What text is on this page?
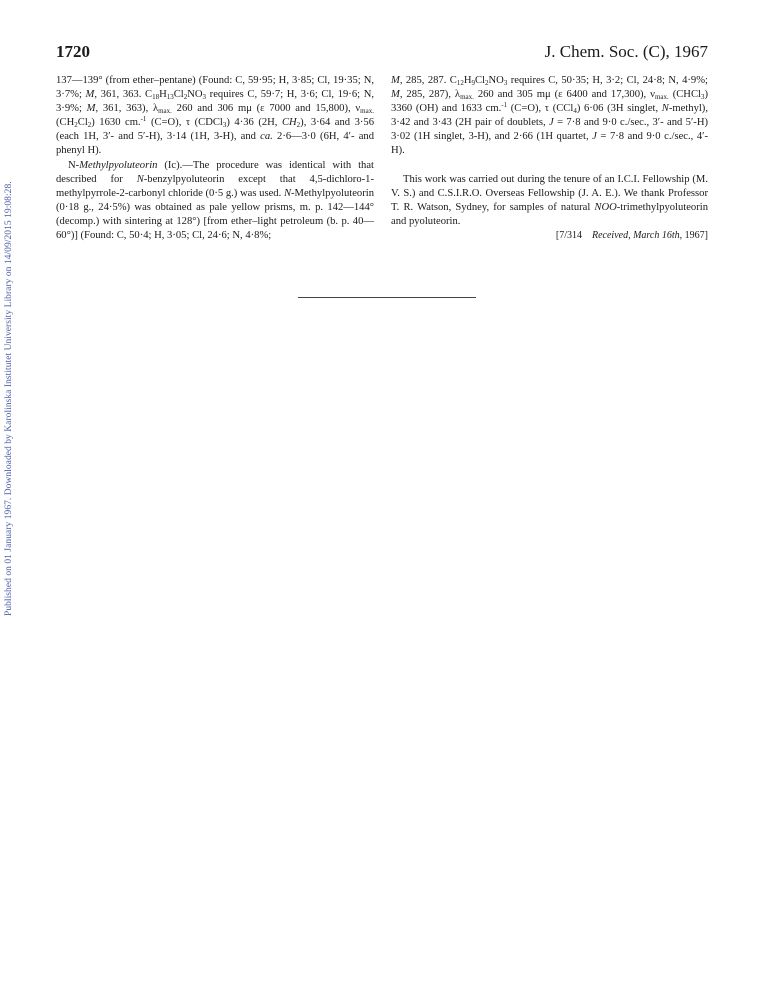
1720	J. Chem. Soc. (C), 1967
Published on 01 January 1967. Downloaded by Karolinska Institutet University Library on 14/09/2015 19:08:28.

137—139° (from ether–pentane) (Found: C, 59·95; H, 3·85; Cl, 19·35; N, 3·7%; M, 361, 363. $C_{18}H_{13}Cl_2NO_3$ requires C, 59·7; H, 3·6; Cl, 19·6; N, 3·9%; M, 361, 363), $\lambda_{max.}$ 260 and 306 mμ (ε 7000 and 15,800), $\nu_{max.}$ $(CH_2Cl_2)$ 1630 cm.$^{-1}$ (C=O), τ (CDCl$_3$) 4·36 (2H, $CH_2$), 3·64 and 3·56 (each 1H, 3′- and 5′-H), 3·14 (1H, 3-H), and ca. 2·6—3·0 (6H, 4′- and phenyl H).

N-Methylpyoluteorin (Ic).—The procedure was identical with that described for N-benzylpyoluteorin except that 4,5-dichloro-1-methylpyrrole-2-carbonyl chloride (0·5 g.) was used. N-Methylpyoluteorin (0·18 g., 24·5%) was obtained as pale yellow prisms, m. p. 142—144° (decomp.) with sintering at 128°) [from ether–light petroleum (b. p. 40—60°)] (Found: C, 50·4; H, 3·05; Cl, 24·6; N, 4·8%;

M, 285, 287. $C_{12}H_9Cl_2NO_3$ requires C, 50·35; H, 3·2; Cl, 24·8; N, 4·9%; M, 285, 287), $\lambda_{max.}$ 260 and 305 mμ (ε 6400 and 17,300), $\nu_{max.}$ (CHCl$_3$) 3360 (OH) and 1633 cm.$^{-1}$ (C=O), τ (CCl$_4$) 6·06 (3H singlet, N-methyl), 3·42 and 3·43 (2H pair of doublets, J = 7·8 and 9·0 c./sec., 3′- and 5′-H) 3·02 (1H singlet, 3-H), and 2·66 (1H quartet, J = 7·8 and 9·0 c./sec., 4′-H).

This work was carried out during the tenure of an I.C.I. Fellowship (M. V. S.) and C.S.I.R.O. Overseas Fellowship (J. A. E.). We thank Professor T. R. Watson, Sydney, for samples of natural NOO-trimethylpyoluteorin and pyoluteorin.

[7/314 Received, March 16th, 1967]
